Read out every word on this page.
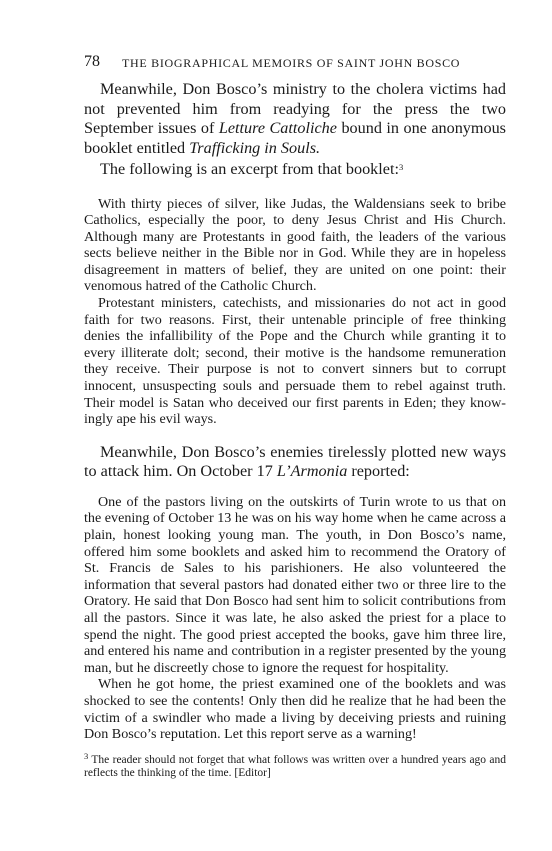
78 THE BIOGRAPHICAL MEMOIRS OF SAINT JOHN BOSCO

Meanwhile, Don Bosco’s ministry to the cholera victims had not prevented him from readying for the press the two September issues of Letture Cattoliche bound in one anonymous booklet entitled Trafficking in Souls.

The following is an excerpt from that booklet:$^3$

With thirty pieces of silver, like Judas, the Waldensians seek to bribe Catholics, especially the poor, to deny Jesus Christ and His Church. Although many are Protestants in good faith, the leaders of the various sects believe neither in the Bible nor in God. While they are in hopeless disagreement in matters of belief, they are united on one point: their venomous hatred of the Catholic Church.

Protestant ministers, catechists, and missionaries do not act in good faith for two reasons. First, their untenable principle of free thinking denies the infallibility of the Pope and the Church while granting it to every illiterate dolt; second, their motive is the handsome remuneration they receive. Their purpose is not to convert sinners but to corrupt innocent, unsuspecting souls and persuade them to rebel against truth. Their model is Satan who deceived our first parents in Eden; they knowingly ape his evil ways.

Meanwhile, Don Bosco’s enemies tirelessly plotted new ways to attack him. On October 17 L’Armonia reported:

One of the pastors living on the outskirts of Turin wrote to us that on the evening of October 13 he was on his way home when he came across a plain, honest looking young man. The youth, in Don Bosco’s name, offered him some booklets and asked him to recommend the Oratory of St. Francis de Sales to his parishioners. He also volunteered the information that several pastors had donated either two or three lire to the Oratory. He said that Don Bosco had sent him to solicit contributions from all the pastors. Since it was late, he also asked the priest for a place to spend the night. The good priest accepted the books, gave him three lire, and entered his name and contribution in a register presented by the young man, but he discreetly chose to ignore the request for hospitality.

When he got home, the priest examined one of the booklets and was shocked to see the contents! Only then did he realize that he had been the victim of a swindler who made a living by deceiving priests and ruining Don Bosco’s reputation. Let this report serve as a warning!

$^3$ The reader should not forget that what follows was written over a hundred years ago and reflects the thinking of the time. [Editor]
